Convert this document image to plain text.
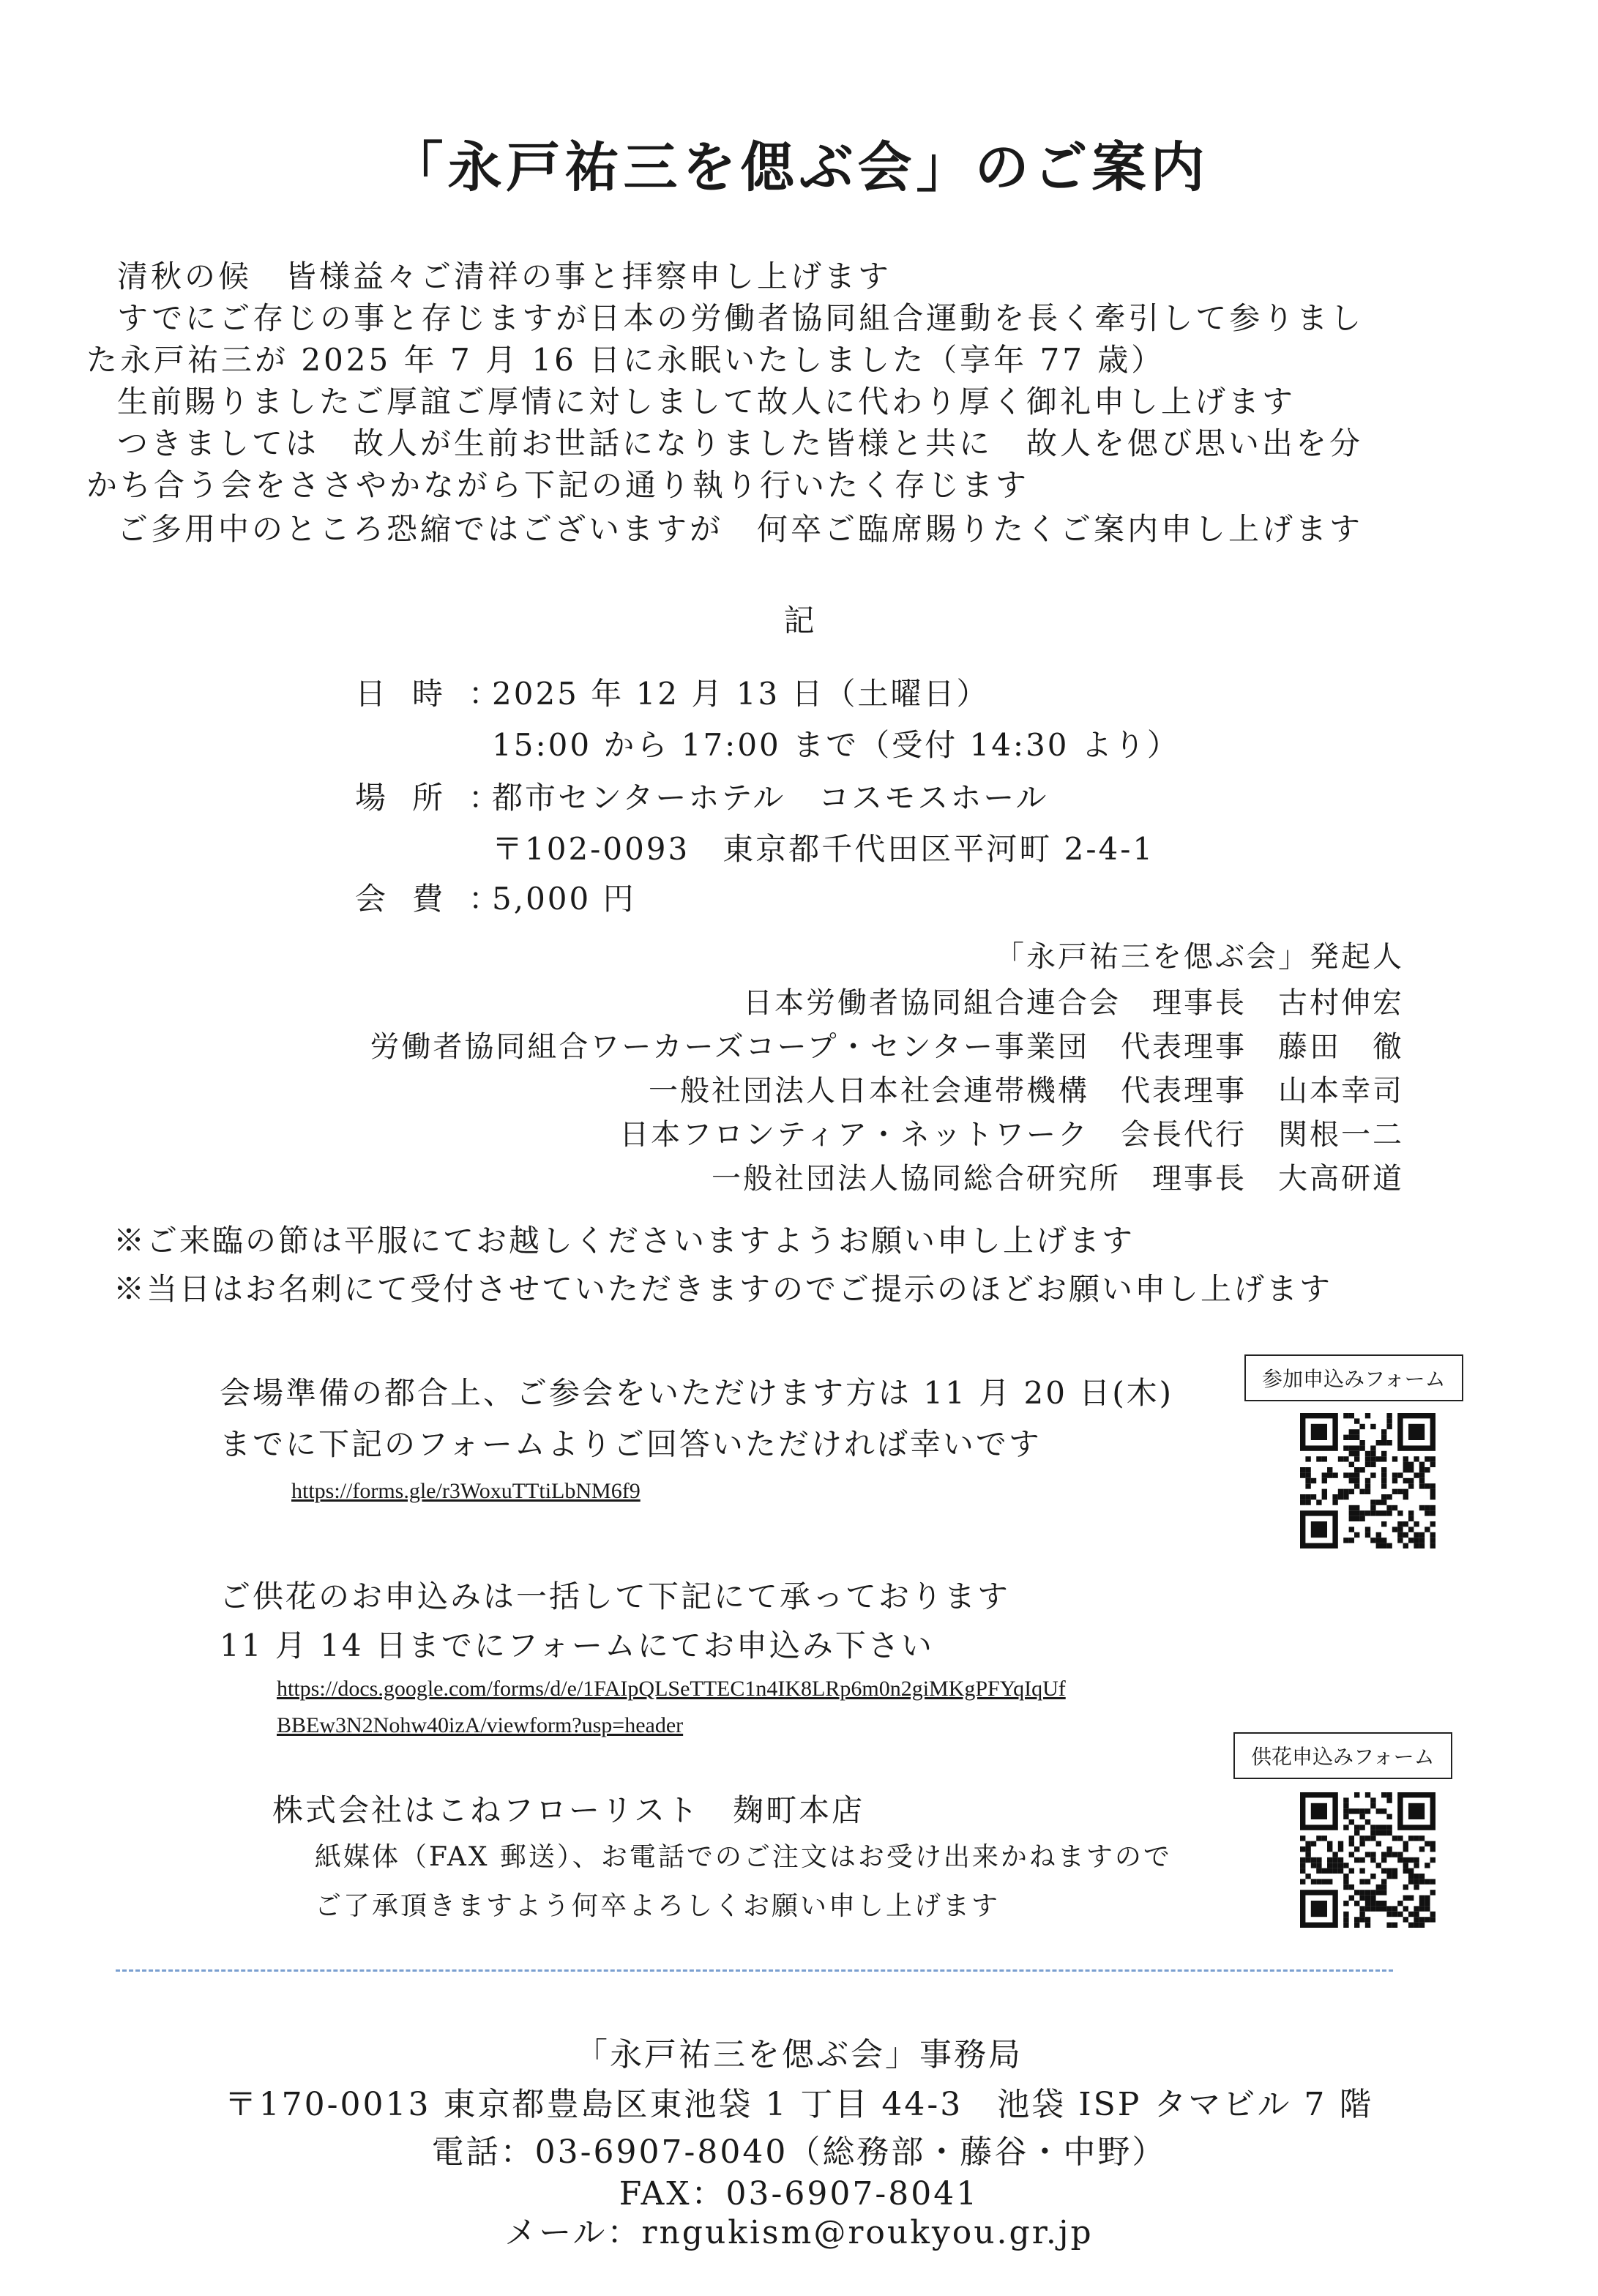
「永戸祐三を偲ぶ会」のご案内
清秋の候　皆様益々ご清祥の事と拝察申し上げます
すでにご存じの事と存じますが日本の労働者協同組合運動を長く牽引して参りまし
た永戸祐三が 2025 年 7 月 16 日に永眠いたしました（享年 77 歳）
生前賜りましたご厚誼ご厚情に対しまして故人に代わり厚く御礼申し上げます
つきましては　故人が生前お世話になりました皆様と共に　故人を偲び思い出を分
かち合う会をささやかながら下記の通り執り行いたく存じます
ご多用中のところ恐縮ではございますが　何卒ご臨席賜りたくご案内申し上げます
記
日時
：
2025 年 12 月 13 日（土曜日）
15:00 から 17:00 まで（受付 14:30 より）
場所
：
都市センターホテル　コスモスホール
〒102-0093　東京都千代田区平河町 2-4-1
会費
：
5,000 円
「永戸祐三を偲ぶ会」発起人
日本労働者協同組合連合会　理事長　古村伸宏
労働者協同組合ワーカーズコープ・センター事業団　代表理事　藤田　徹
一般社団法人日本社会連帯機構　代表理事　山本幸司
日本フロンティア・ネットワーク　会長代行　関根一二
一般社団法人協同総合研究所　理事長　大高研道
※ご来臨の節は平服にてお越しくださいますようお願い申し上げます
※当日はお名刺にて受付させていただきますのでご提示のほどお願い申し上げます
会場準備の都合上、ご参会をいただけます方は 11 月 20 日(木)
までに下記のフォームよりご回答いただければ幸いです
https://forms.gle/r3WoxuTTtiLbNM6f9
参加申込みフォーム
ご供花のお申込みは一括して下記にて承っております
11 月 14 日までにフォームにてお申込み下さい
https://docs.google.com/forms/d/e/1FAIpQLSeTTEC1n4IK8LRp6m0n2giMKgPFYqIqUf
BBEw3N2Nohw40izA/viewform?usp=header
供花申込みフォーム
株式会社はこねフローリスト　麹町本店
紙媒体（FAX 郵送）、お電話でのご注文はお受け出来かねますので
ご了承頂きますよう何卒よろしくお願い申し上げます
「永戸祐三を偲ぶ会」事務局
〒170-0013 東京都豊島区東池袋 1 丁目 44-3　池袋 ISP タマビル 7 階
電話：03-6907-8040（総務部・藤谷・中野）
FAX：03-6907-8041
メール：rngukism@roukyou.gr.jp
